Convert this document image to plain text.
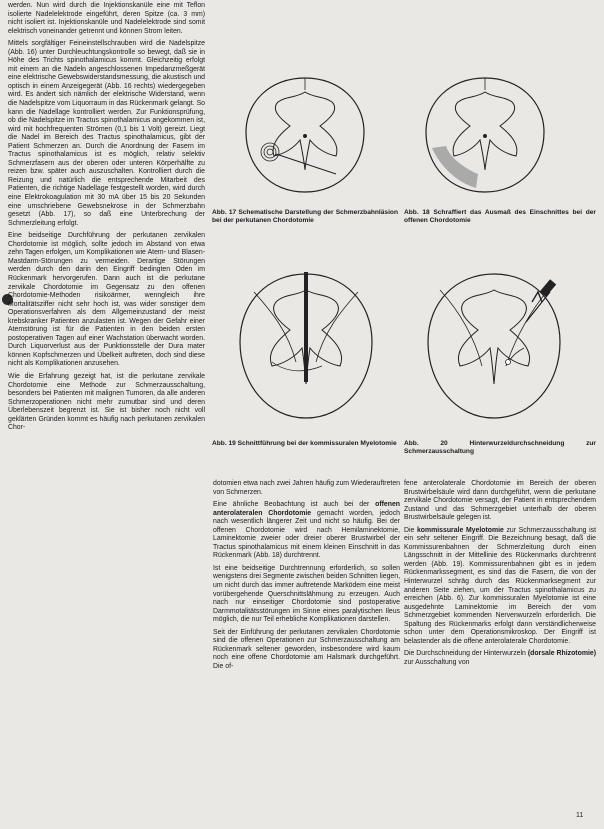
werden. Nun wird durch die Injektionskanüle eine mit Teflon isolierte Nadelelektrode eingeführt, deren Spitze (ca. 3 mm) nicht isoliert ist. Injektionskanüle und Nadelelektrode sind somit elektrisch voneinander getrennt und können Strom leiten.

Mittels sorgfältiger Feineinstellschrauben wird die Nadelspitze (Abb. 16) unter Durchleuchtungskontrolle so bewegt, daß sie in Höhe des Trichts spinothalamicus kommt. Gleichzeitig erfolgt mit einem an die Nadeln angeschlossenen Impedanzmeßgerät eine elektrische Gewebswiderstandsmessung, die akustisch und optisch in einem Anzeigegerät (Abb. 16 rechts) wiedergegeben wird. Es ändert sich nämlich der elektrische Widerstand, wenn die Nadelspitze vom Liquorraum in das Rückenmark gelangt. So kann die Nadellage kontrolliert werden. Zur Funktionsprüfung, ob die Nadelspitze im Tractus spinothalamicus angekommen ist, wird mit hochfrequenten Strömen (0,1 bis 1 Volt) gereizt. Liegt die Nadel im Bereich des Tractus spinothalamicus, gibt der Patient Schmerzen an. Durch die Anordnung der Fasern im Tractus spinothalamicus ist es möglich, relativ selektiv Schmerzfasern aus der oberen oder unteren Körperhälfte zu reizen bzw. später auch auszuschalten. Kontrolliert durch die Reizung und natürlich die entsprechende Mitarbeit des Patienten, die richtige Nadellage festgestellt worden, wird durch eine Elektrokoagulation mit 30 mA über 15 bis 20 Sekunden eine umschriebene Gewebsnekrose in der Schmerzbahn gesetzt (Abb. 17), so daß eine Unterbrechung der Schmerzleitung erfolgt.

Eine beidseitige Durchführung der perkutanen zervikalen Chordotomie ist möglich, sollte jedoch im Abstand von etwa zehn Tagen erfolgen, um Komplikationen wie Atem- und Blasen-Mastdarm-Störungen zu vermeiden. Derartige Störungen werden durch den darin den Eingriff bedingten Oden im Rückenmark hervorgerufen. Dann auch ist die perkutane zervikale Chordotomie im Gegensatz zu den offenen Chordotomie-Methoden risikoärmer, wenngleich ihre Mortalitätsziffer nicht sehr hoch ist, was wider sonstiger dem Operationsverfahren als dem Allgemeinzustand der meist krebskranker Patienten anzulasten ist. Wegen der Gefahr einer Atemstörung ist für die Patienten in den beiden ersten postoperativen Tagen auf einer Wachstation überwacht worden. Durch Liquorverlust aus der Punktionsstelle der Dura mater können Kopfschmerzen und Übelkeit auftreten, doch sind diese nicht als Komplikationen anzusehen.

Wie die Erfahrung gezeigt hat, ist die perkutane zervikale Chordotomie eine Methode zur Schmerzausschaltung, besonders bei Patienten mit malignen Tumoren, da alle anderen Schmerzoperationen nicht mehr zumutbar sind und deren Überlebenszeit begrenzt ist. Sie ist bisher noch nicht voll geklärten Gründen kommt es häufig nach perkutanen zervikalen Chor-

Abb. 17 Schematische Darstellung der Schmerzbahnläsion bei der perkutanen Chordotomie
Abb. 18 Schraffiert das Ausmaß des Einschnittes bei der offenen Chordotomie
Abb. 19 Schnittführung bei der kommissuralen Myelotomie Abb. 20 Hinterwurzeldurchschneidung zur Schmerzausschaltung

dotomien etwa nach zwei Jahren häufig zum Wiederauftreten von Schmerzen.

Eine ähnliche Beobachtung ist auch bei der offenen anterolateralen Chordotomie gemacht worden, jedoch nach wesentlich längerer Zeit und nicht so häufig. Bei der offenen Chordotomie wird nach Hemilaminektomie, Laminektomie zweier oder dreier oberer Brustwirbel der Tractus spinothalamicus mit einem kleinen Einschnitt in das Rückenmark (Abb. 18) durchtrennt.

Ist eine beidseitige Durchtrennung erforderlich, so sollen wenigstens drei Segmente zwischen beiden Schnitten liegen, um nicht durch das immer auftretende Marködem eine meist vorübergehende Querschnittslähmung zu erzeugen. Auch nach nur einseitiger Chordotomie sind postoperative Darmmotalitätsstörungen im Sinne eines paralytischen Ileus möglich, die nur Teil erhebliche Komplikationen darstellen.

Seit der Einführung der perkutanen zervikalen Chordotomie sind die offenen Operationen zur Schmerzausschaltung am Rückenmark seltener geworden, insbesondere wird kaum noch eine offene Chordotomie am Halsmark durchgeführt. Die of-

fene anterolaterale Chordotomie im Bereich der oberen Brustwirbelsäule wird dann durchgeführt, wenn die perkutane zervikale Chordotomie versagt, der Patient in entsprechendem Zustand und das Schmerzgebiet unterhalb der oberen Brustwirbelsäule gelegen ist.

Die kommissurale Myelotomie zur Schmerzausschaltung ist ein sehr seltener Eingriff. Die Bezeichnung besagt, daß die Kommissurenbahnen der Schmerzleitung durch einen Längsschnitt in der Mittellinie des Rückenmarks durchtrennt werden (Abb. 19). Kommissurenbahnen gibt es in jedem Rückenmarkssegment, es sind das die Fasern, die von der Hinterwurzel schräg durch das Rückenmarksegment zur anderen Seite ziehen, um der Tractus spinothalamicus zu erreichen (Abb. 6). Zur kommissuralen Myelotomie ist eine ausgedehnte Laminektomie im Bereich der vom Schmerzgebiet kommenden Nervenwurzeln erforderlich. Die Spaltung des Rückenmarks erfolgt dann verständlicherweise schon unter dem Operationsmikroskop. Der Eingriff ist belastender als die offene anterolaterale Chordotomie.

Die Durchschneidung der Hinterwurzeln (dorsale Rhizotomie) zur Ausschaltung von

11
